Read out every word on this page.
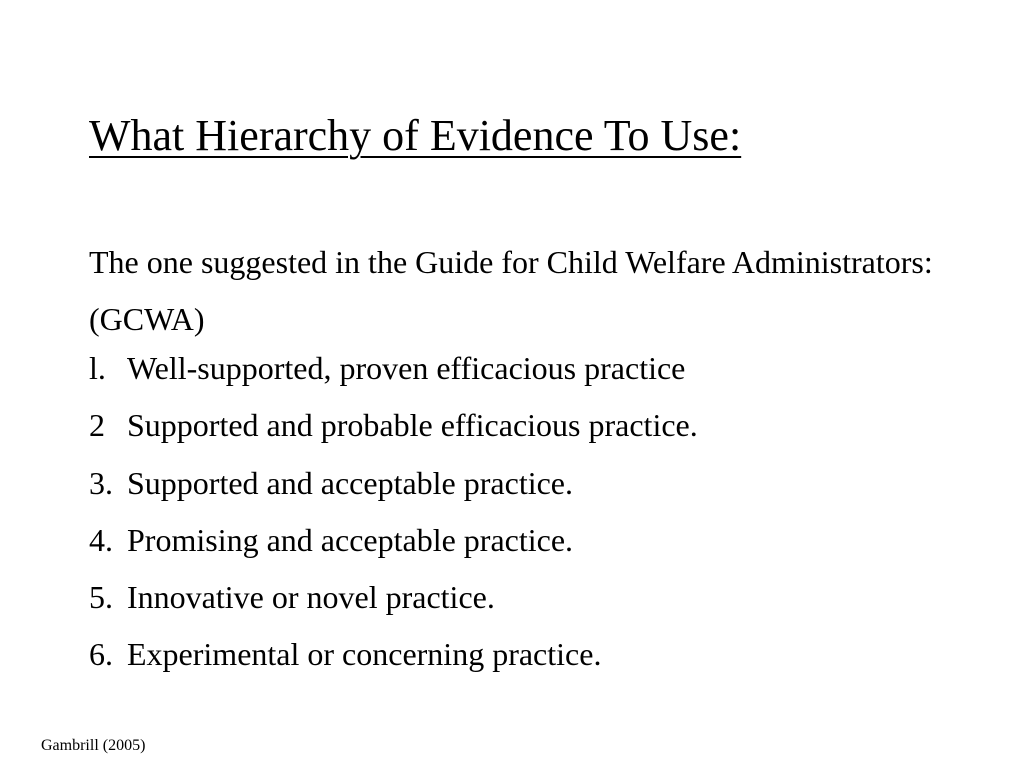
What Hierarchy of Evidence To Use:

The one suggested in the Guide for Child Welfare Administrators: (GCWA)

l. Well-supported, proven efficacious practice
2 Supported and probable efficacious practice.
3. Supported and acceptable practice.
4. Promising and acceptable practice.
5. Innovative or novel practice.
6. Experimental or concerning practice.

Gambrill (2005)
